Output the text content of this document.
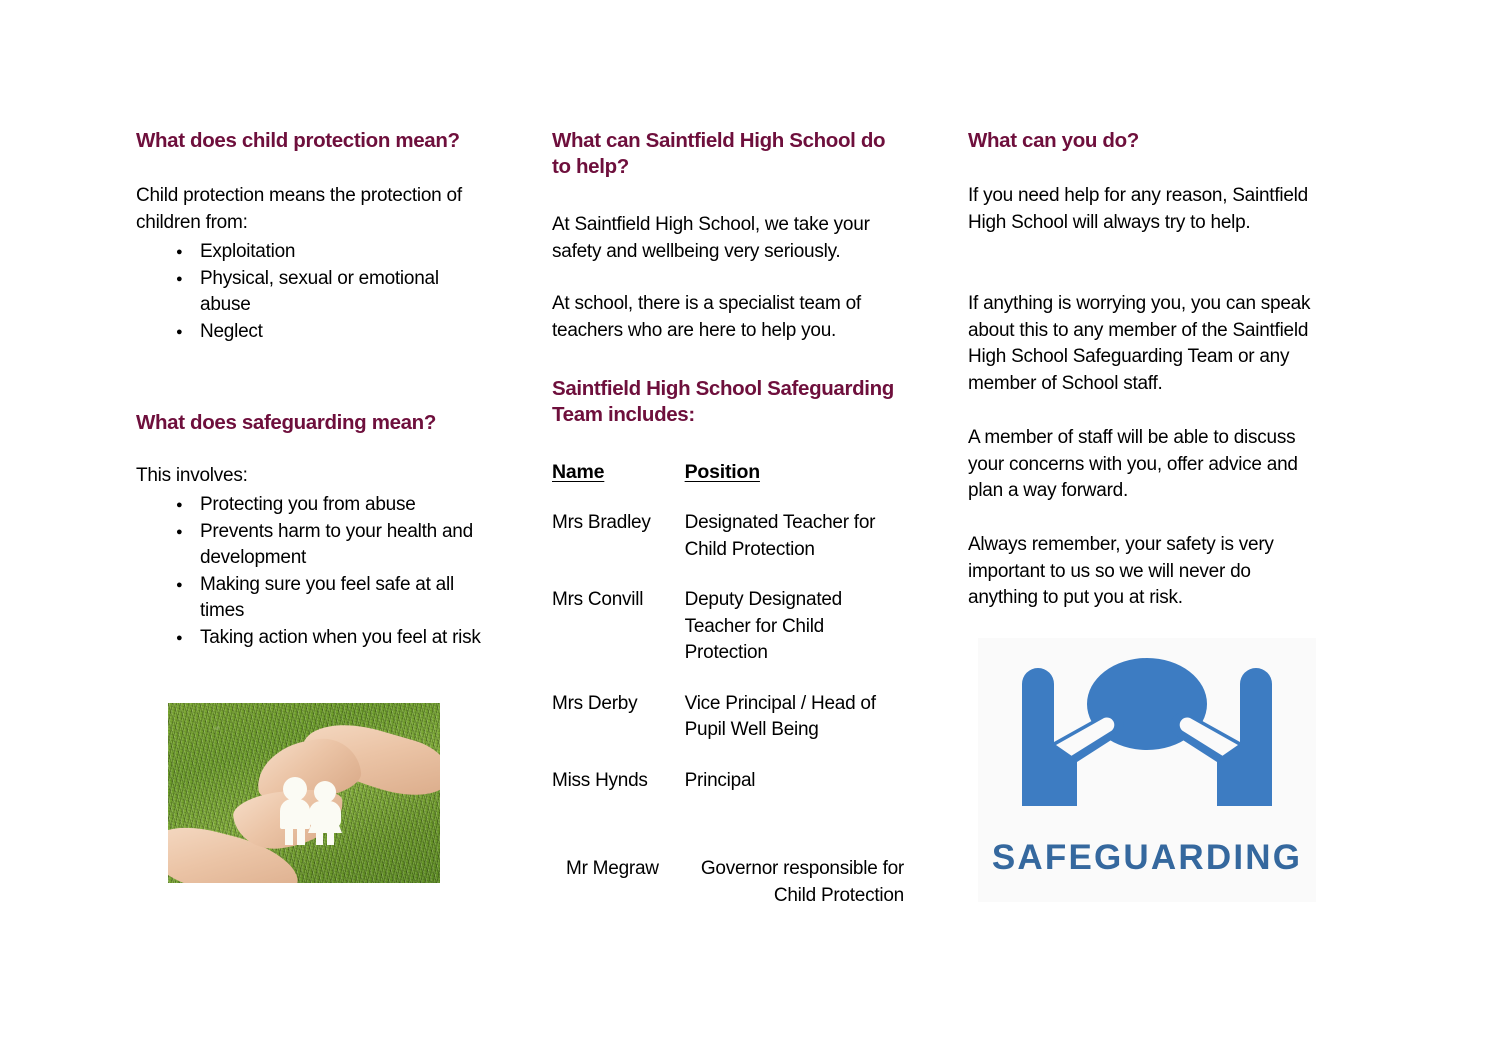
What does child protection mean?

Child protection means the protection of children from:

● Exploitation
● Physical, sexual or emotional abuse
● Neglect
What does safeguarding mean?

This involves:

● Protecting you from abuse
● Prevents harm to your health and development
● Making sure you feel safe at all times
● Taking action when you feel at risk
What can Saintfield High School do to help?

At Saintfield High School, we take your safety and wellbeing very seriously.

At school, there is a specialist team of teachers who are here to help you.

Saintfield High School Safeguarding Team includes:
Name	Position
Mrs Bradley	Designated Teacher for Child Protection
Mrs Convill	Deputy Designated Teacher for Child Protection
Mrs Derby	Vice Principal / Head of Pupil Well Being
Miss Hynds	Principal
Mr Megraw	Governor responsible for Child Protection
What can you do?

If you need help for any reason, Saintfield High School will always try to help.

If anything is worrying you, you can speak about this to any member of the Saintfield High School Safeguarding Team or any member of School staff.

A member of staff will be able to discuss your concerns with you, offer advice and plan a way forward.

Always remember, your safety is very important to us so we will never do anything to put you at risk.

SAFEGUARDING
